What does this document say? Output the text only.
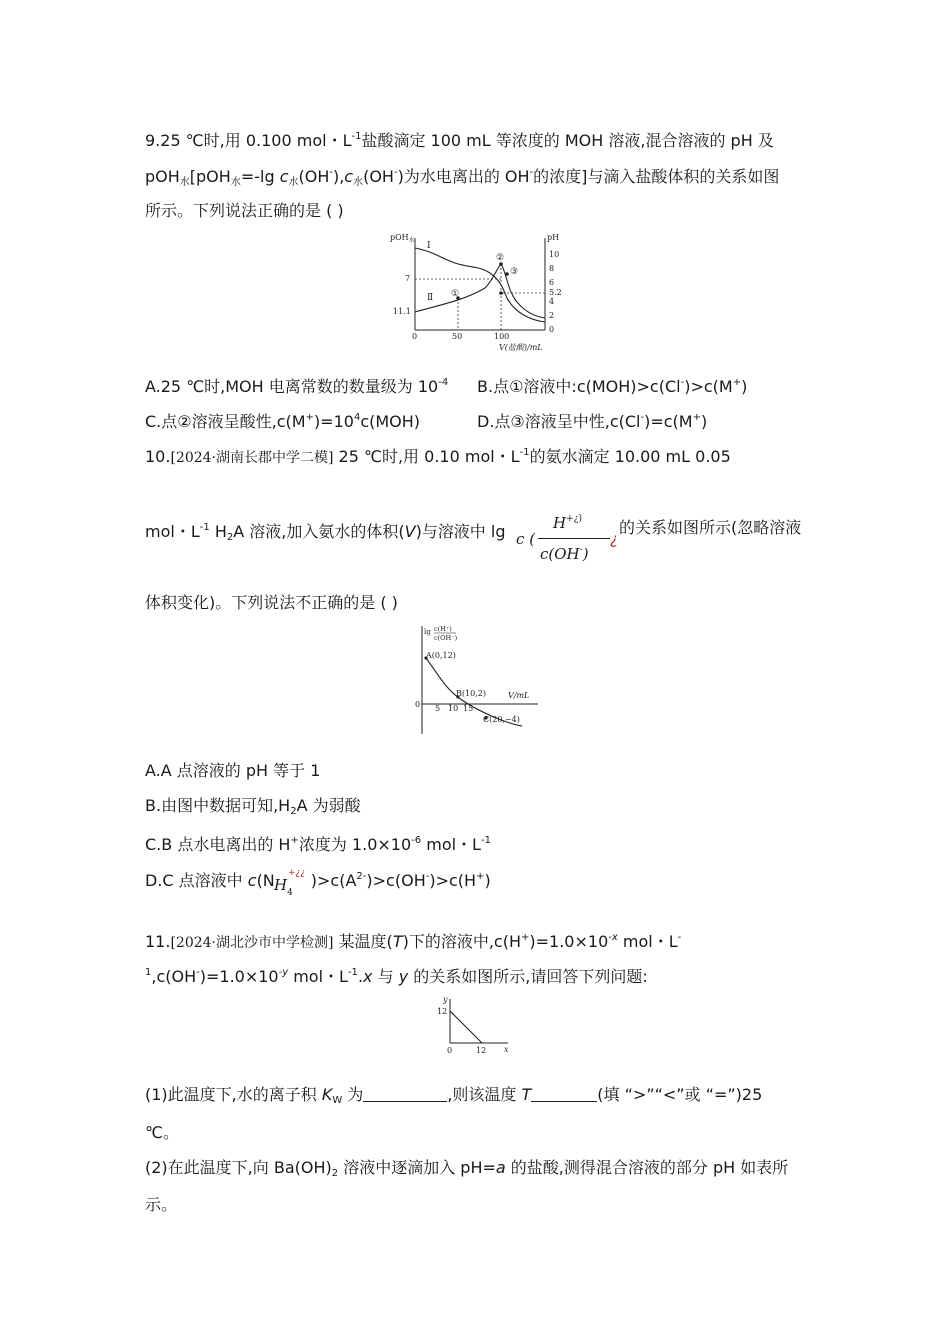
9.25 ℃时,用 0.100 mol・$L^{-1}$盐酸滴定 100 mL 等浓度的 MOH 溶液,混合溶液的 pH 及
pOH$_水$[pOH$_水$=-lg $c_水(OH^-),c_水(OH^-)$为水电离出的 OH-的浓度]与滴入盐酸体积的关系如图
所示。下列说法正确的是 ( )
pOH$_水$	pH
7
11.1
10
8
6
5.2
4
2
0
0	50	100
V(盐酸)/mL
I
Ⅱ ①
②
③
A.25 ℃时,MOH 电离常数的数量级为 $10^{-4}$ B.点①溶液中:c(MOH)>c(Cl-)>c(M+)
C.点②溶液呈酸性$,c(M^+)=10^4c(MOH)$	D.点③溶液呈中性,c(Cl-)=c(M+)
10.[2024·湖南长郡中学二模] 25 ℃时,用 0.10 mol・$L^{-1}$的氨水滴定 10.00 mL 0.05
mol・$L^{-1}$ $H_2A$ 溶液,加入氨水的体积(V)与溶液中 lg c (
H+¿)
c(OH-)
¿
的关系如图所示(忽略溶液
体积变化)。下列说法不正确的是 ( )
lg c(H⁺)
c(OH⁻)
A(0,12)
B(10,2)
C(20,−4)
V/mL
0 5 10 15
A.A 点溶液的 pH 等于 1
B.由图中数据可知$,H_2A$ 为弱酸
C.B 点水电离出的 H+浓度为 $1.0\times 10^{-6}$ mol・$L^{-1}$
D.C 点溶液中 c(N )$>c(A^{2-})>c(OH^-)>c(H^+)$
$H_4$
+¿¿
11.[2024·湖北沙市中学检测] 某温度(T)下的溶液中$,c(H^+)=1.0\times 10^{-x}$ mol・L-
$^1,c(OH^-)=1.0\times 10^{-y}$ mol・$L^{-1}.x$ 与 y 的关系如图所示,请回答下列问题:
y
x
12
0	12
(1)此温度下,水的离子积 $K_W$ 为	,则该温度 T	(填 “>”“<”或 “=”)25
℃。
(2)在此温度下,向 $Ba(OH)_2$ 溶液中逐滴加入 pH=a 的盐酸,测得混合溶液的部分 pH 如表所
示。
